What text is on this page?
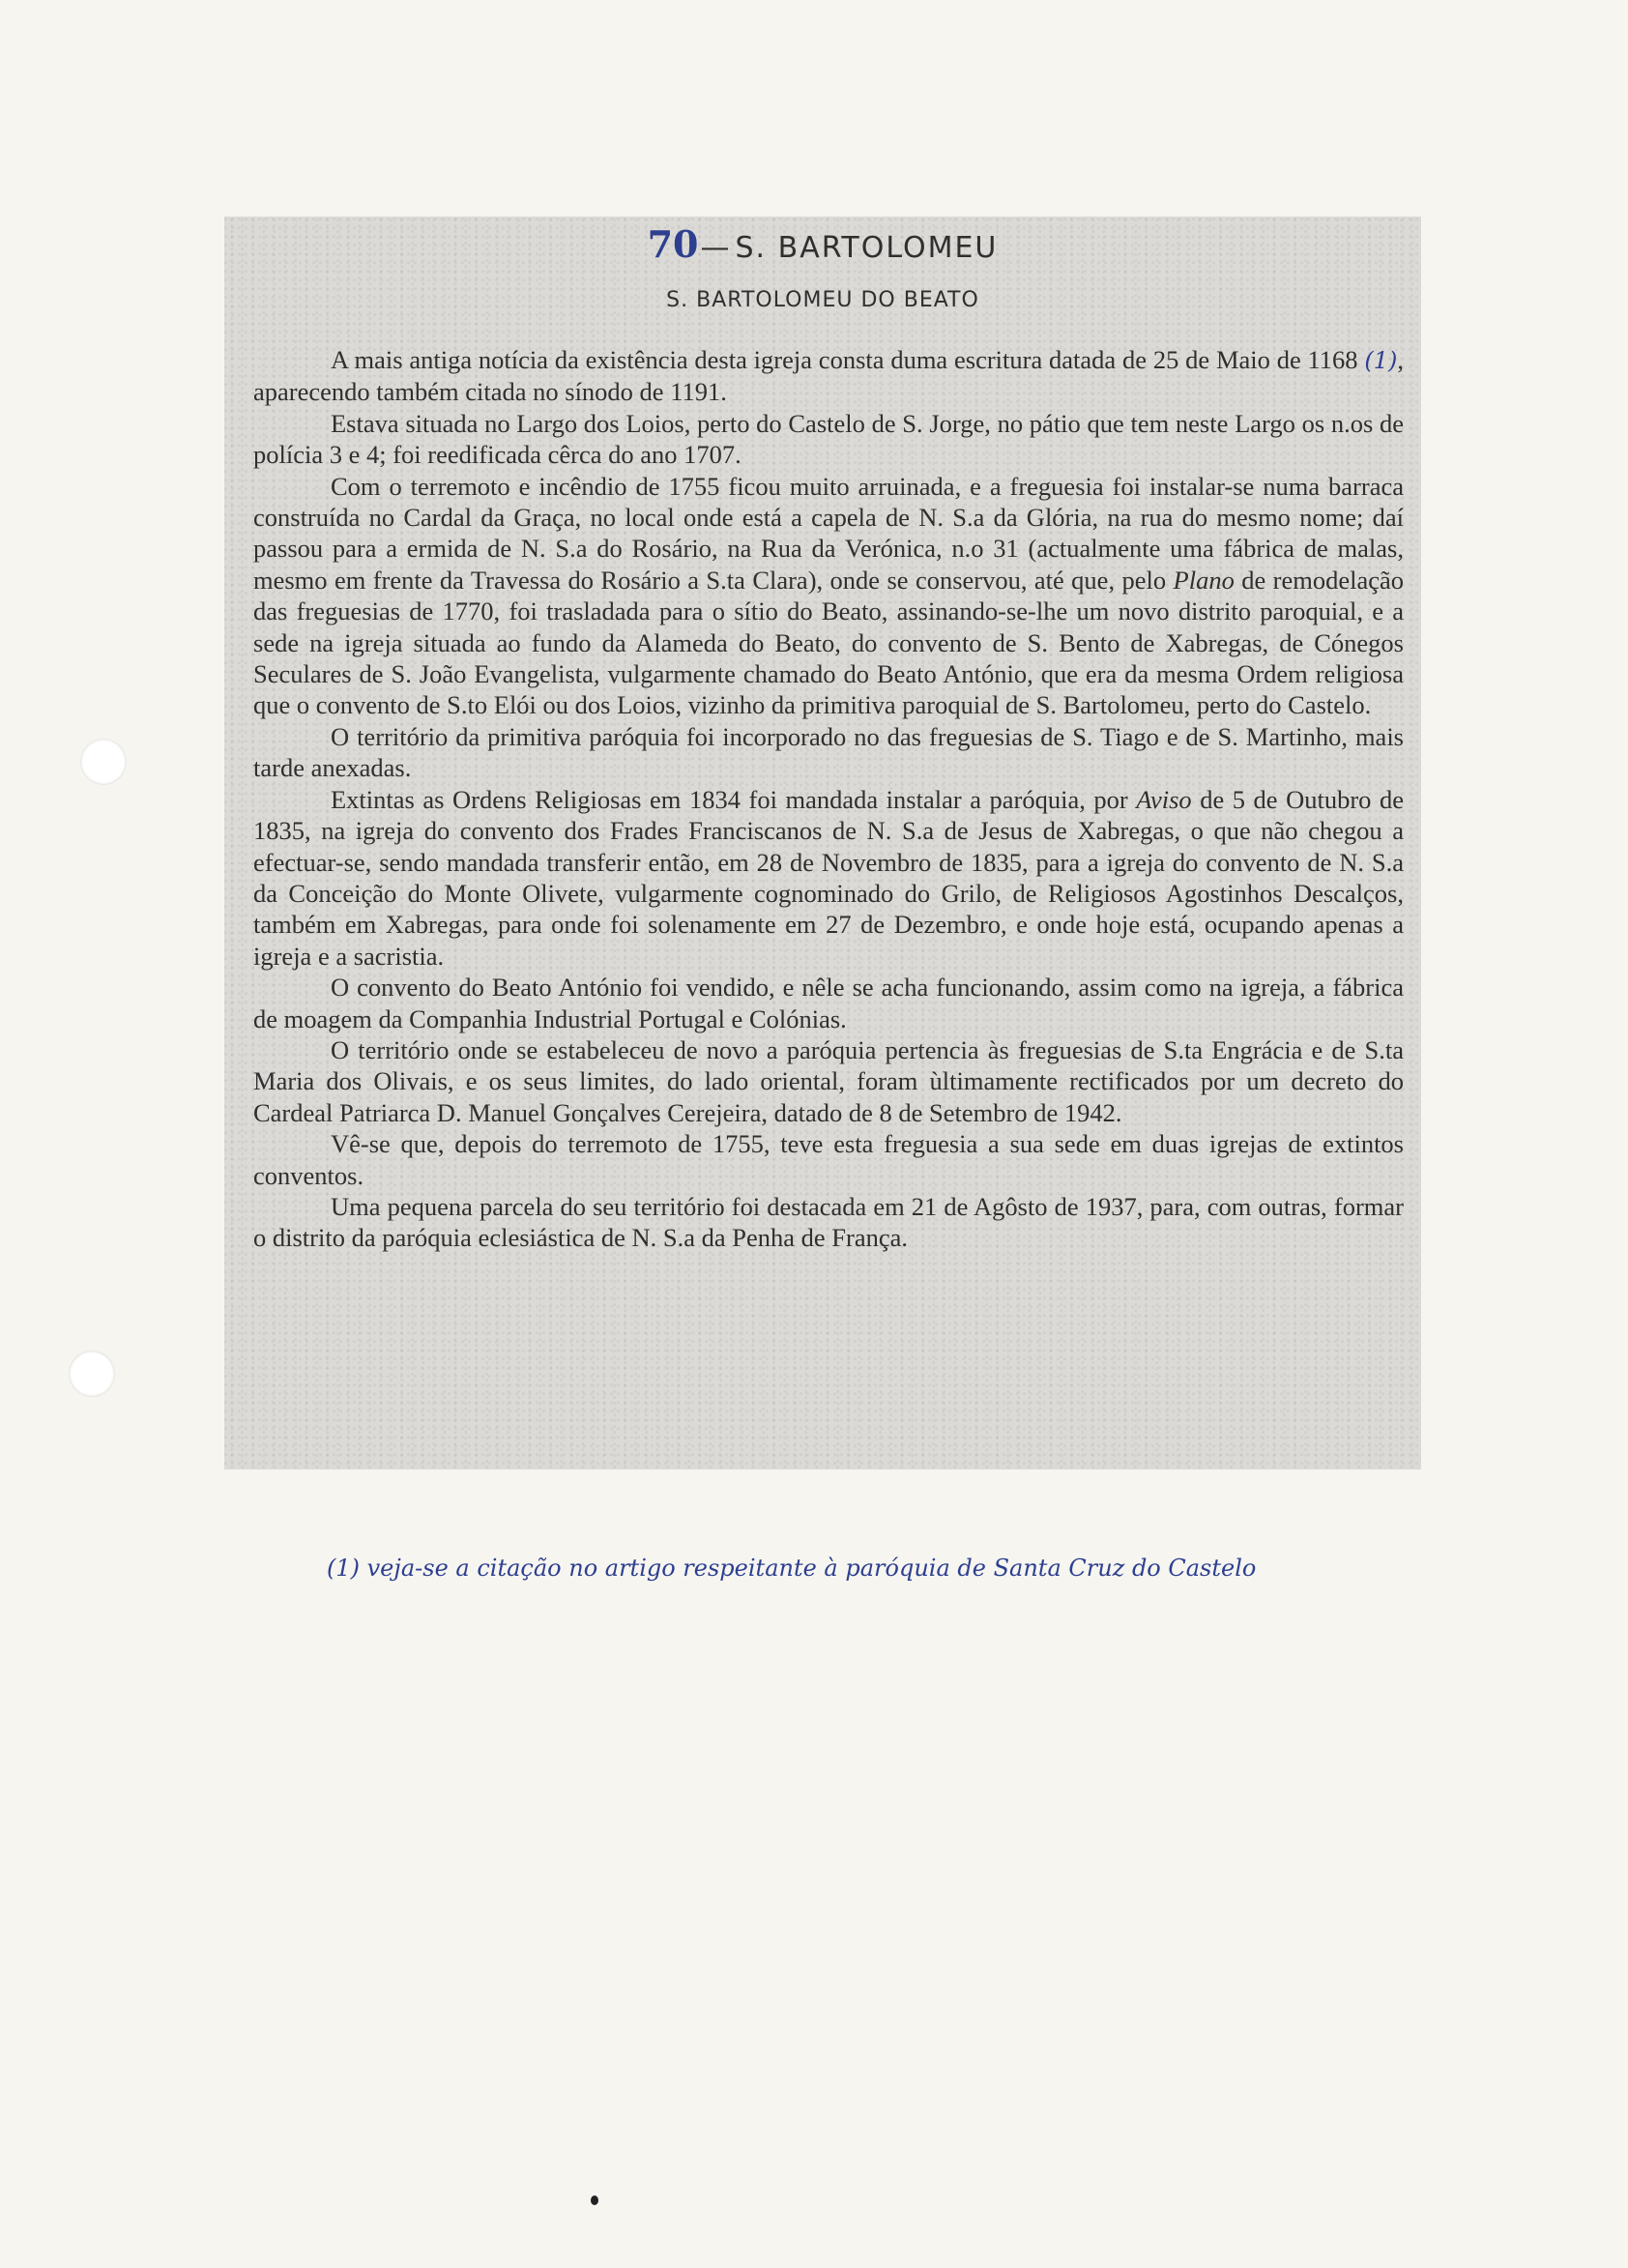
70— S. BARTOLOMEU
S. BARTOLOMEU DO BEATO

A mais antiga notícia da existência desta igreja consta duma escritura datada de 25 de Maio de 1168 (1), aparecendo também citada no sínodo de 1191.

Estava situada no Largo dos Loios, perto do Castelo de S. Jorge, no pátio que tem neste Largo os n.os de polícia 3 e 4; foi reedificada cêrca do ano 1707.

Com o terremoto e incêndio de 1755 ficou muito arruinada, e a freguesia foi instalar-se numa barraca construída no Cardal da Graça, no local onde está a capela de N. S.a da Glória, na rua do mesmo nome; daí passou para a ermida de N. S.a do Rosário, na Rua da Verónica, n.o 31 (actualmente uma fábrica de malas, mesmo em frente da Travessa do Rosário a S.ta Clara), onde se conservou, até que, pelo Plano de remodelação das freguesias de 1770, foi trasladada para o sítio do Beato, assinando-se-lhe um novo distrito paroquial, e a sede na igreja situada ao fundo da Alameda do Beato, do convento de S. Bento de Xabregas, de Cónegos Seculares de S. João Evangelista, vulgarmente chamado do Beato António, que era da mesma Ordem religiosa que o convento de S.to Elói ou dos Loios, vizinho da primitiva paroquial de S. Bartolomeu, perto do Castelo.

O território da primitiva paróquia foi incorporado no das freguesias de S. Tiago e de S. Martinho, mais tarde anexadas.

Extintas as Ordens Religiosas em 1834 foi mandada instalar a paróquia, por Aviso de 5 de Outubro de 1835, na igreja do convento dos Frades Franciscanos de N. S.a de Jesus de Xabregas, o que não chegou a efectuar-se, sendo mandada transferir então, em 28 de Novembro de 1835, para a igreja do convento de N. S.a da Conceição do Monte Olivete, vulgarmente cognominado do Grilo, de Religiosos Agostinhos Descalços, também em Xabregas, para onde foi solenamente em 27 de Dezembro, e onde hoje está, ocupando apenas a igreja e a sacristia.

O convento do Beato António foi vendido, e nêle se acha funcionando, assim como na igreja, a fábrica de moagem da Companhia Industrial Portugal e Colónias.

O território onde se estabeleceu de novo a paróquia pertencia às freguesias de S.ta Engrácia e de S.ta Maria dos Olivais, e os seus limites, do lado oriental, foram ùltimamente rectificados por um decreto do Cardeal Patriarca D. Manuel Gonçalves Cerejeira, datado de 8 de Setembro de 1942.

Vê-se que, depois do terremoto de 1755, teve esta freguesia a sua sede em duas igrejas de extintos conventos.

Uma pequena parcela do seu território foi destacada em 21 de Agôsto de 1937, para, com outras, formar o distrito da paróquia eclesiástica de N. S.a da Penha de França.

(1) veja-se a citação no artigo respeitante à paróquia de Santa Cruz do Castelo
